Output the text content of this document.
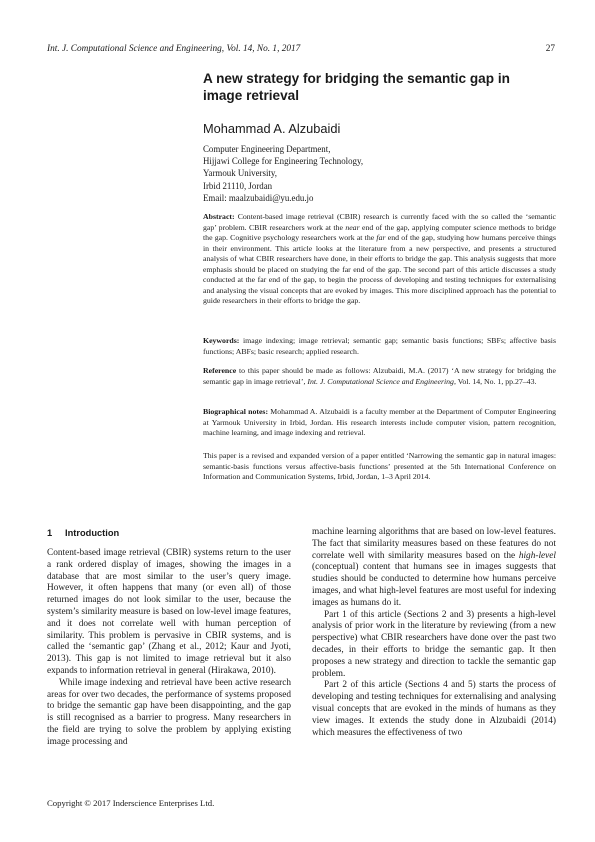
Int. J. Computational Science and Engineering, Vol. 14, No. 1, 2017	27
A new strategy for bridging the semantic gap in image retrieval
Mohammad A. Alzubaidi
Computer Engineering Department,
Hijjawi College for Engineering Technology,
Yarmouk University,
Irbid 21110, Jordan
Email: maalzubaidi@yu.edu.jo
Abstract: Content-based image retrieval (CBIR) research is currently faced with the so called the ‘semantic gap’ problem. CBIR researchers work at the near end of the gap, applying computer science methods to bridge the gap. Cognitive psychology researchers work at the far end of the gap, studying how humans perceive things in their environment. This article looks at the literature from a new perspective, and presents a structured analysis of what CBIR researchers have done, in their efforts to bridge the gap. This analysis suggests that more emphasis should be placed on studying the far end of the gap. The second part of this article discusses a study conducted at the far end of the gap, to begin the process of developing and testing techniques for externalising and analysing the visual concepts that are evoked by images. This more disciplined approach has the potential to guide researchers in their efforts to bridge the gap.
Keywords: image indexing; image retrieval; semantic gap; semantic basis functions; SBFs; affective basis functions; ABFs; basic research; applied research.
Reference to this paper should be made as follows: Alzubaidi, M.A. (2017) ‘A new strategy for bridging the semantic gap in image retrieval’, Int. J. Computational Science and Engineering, Vol. 14, No. 1, pp.27–43.
Biographical notes: Mohammad A. Alzubaidi is a faculty member at the Department of Computer Engineering at Yarmouk University in Irbid, Jordan. His research interests include computer vision, pattern recognition, machine learning, and image indexing and retrieval.
This paper is a revised and expanded version of a paper entitled ‘Narrowing the semantic gap in natural images: semantic-basis functions versus affective-basis functions’ presented at the 5th International Conference on Information and Communication Systems, Irbid, Jordan, 1–3 April 2014.
1 Introduction

Content-based image retrieval (CBIR) systems return to the user a rank ordered display of images, showing the images in a database that are most similar to the user’s query image. However, it often happens that many (or even all) of those returned images do not look similar to the user, because the system’s similarity measure is based on low-level image features, and it does not correlate well with human perception of similarity. This problem is pervasive in CBIR systems, and is called the ‘semantic gap’ (Zhang et al., 2012; Kaur and Jyoti, 2013). This gap is not limited to image retrieval but it also expands to information retrieval in general (Hirakawa, 2010).

While image indexing and retrieval have been active research areas for over two decades, the performance of systems proposed to bridge the semantic gap have been disappointing, and the gap is still recognised as a barrier to progress. Many researchers in the field are trying to solve the problem by applying existing image processing and

machine learning algorithms that are based on low-level features. The fact that similarity measures based on these features do not correlate well with similarity measures based on the high-level (conceptual) content that humans see in images suggests that studies should be conducted to determine how humans perceive images, and what high-level features are most useful for indexing images as humans do it.

Part 1 of this article (Sections 2 and 3) presents a high-level analysis of prior work in the literature by reviewing (from a new perspective) what CBIR researchers have done over the past two decades, in their efforts to bridge the semantic gap. It then proposes a new strategy and direction to tackle the semantic gap problem.

Part 2 of this article (Sections 4 and 5) starts the process of developing and testing techniques for externalising and analysing visual concepts that are evoked in the minds of humans as they view images. It extends the study done in Alzubaidi (2014) which measures the effectiveness of two

Copyright © 2017 Inderscience Enterprises Ltd.
